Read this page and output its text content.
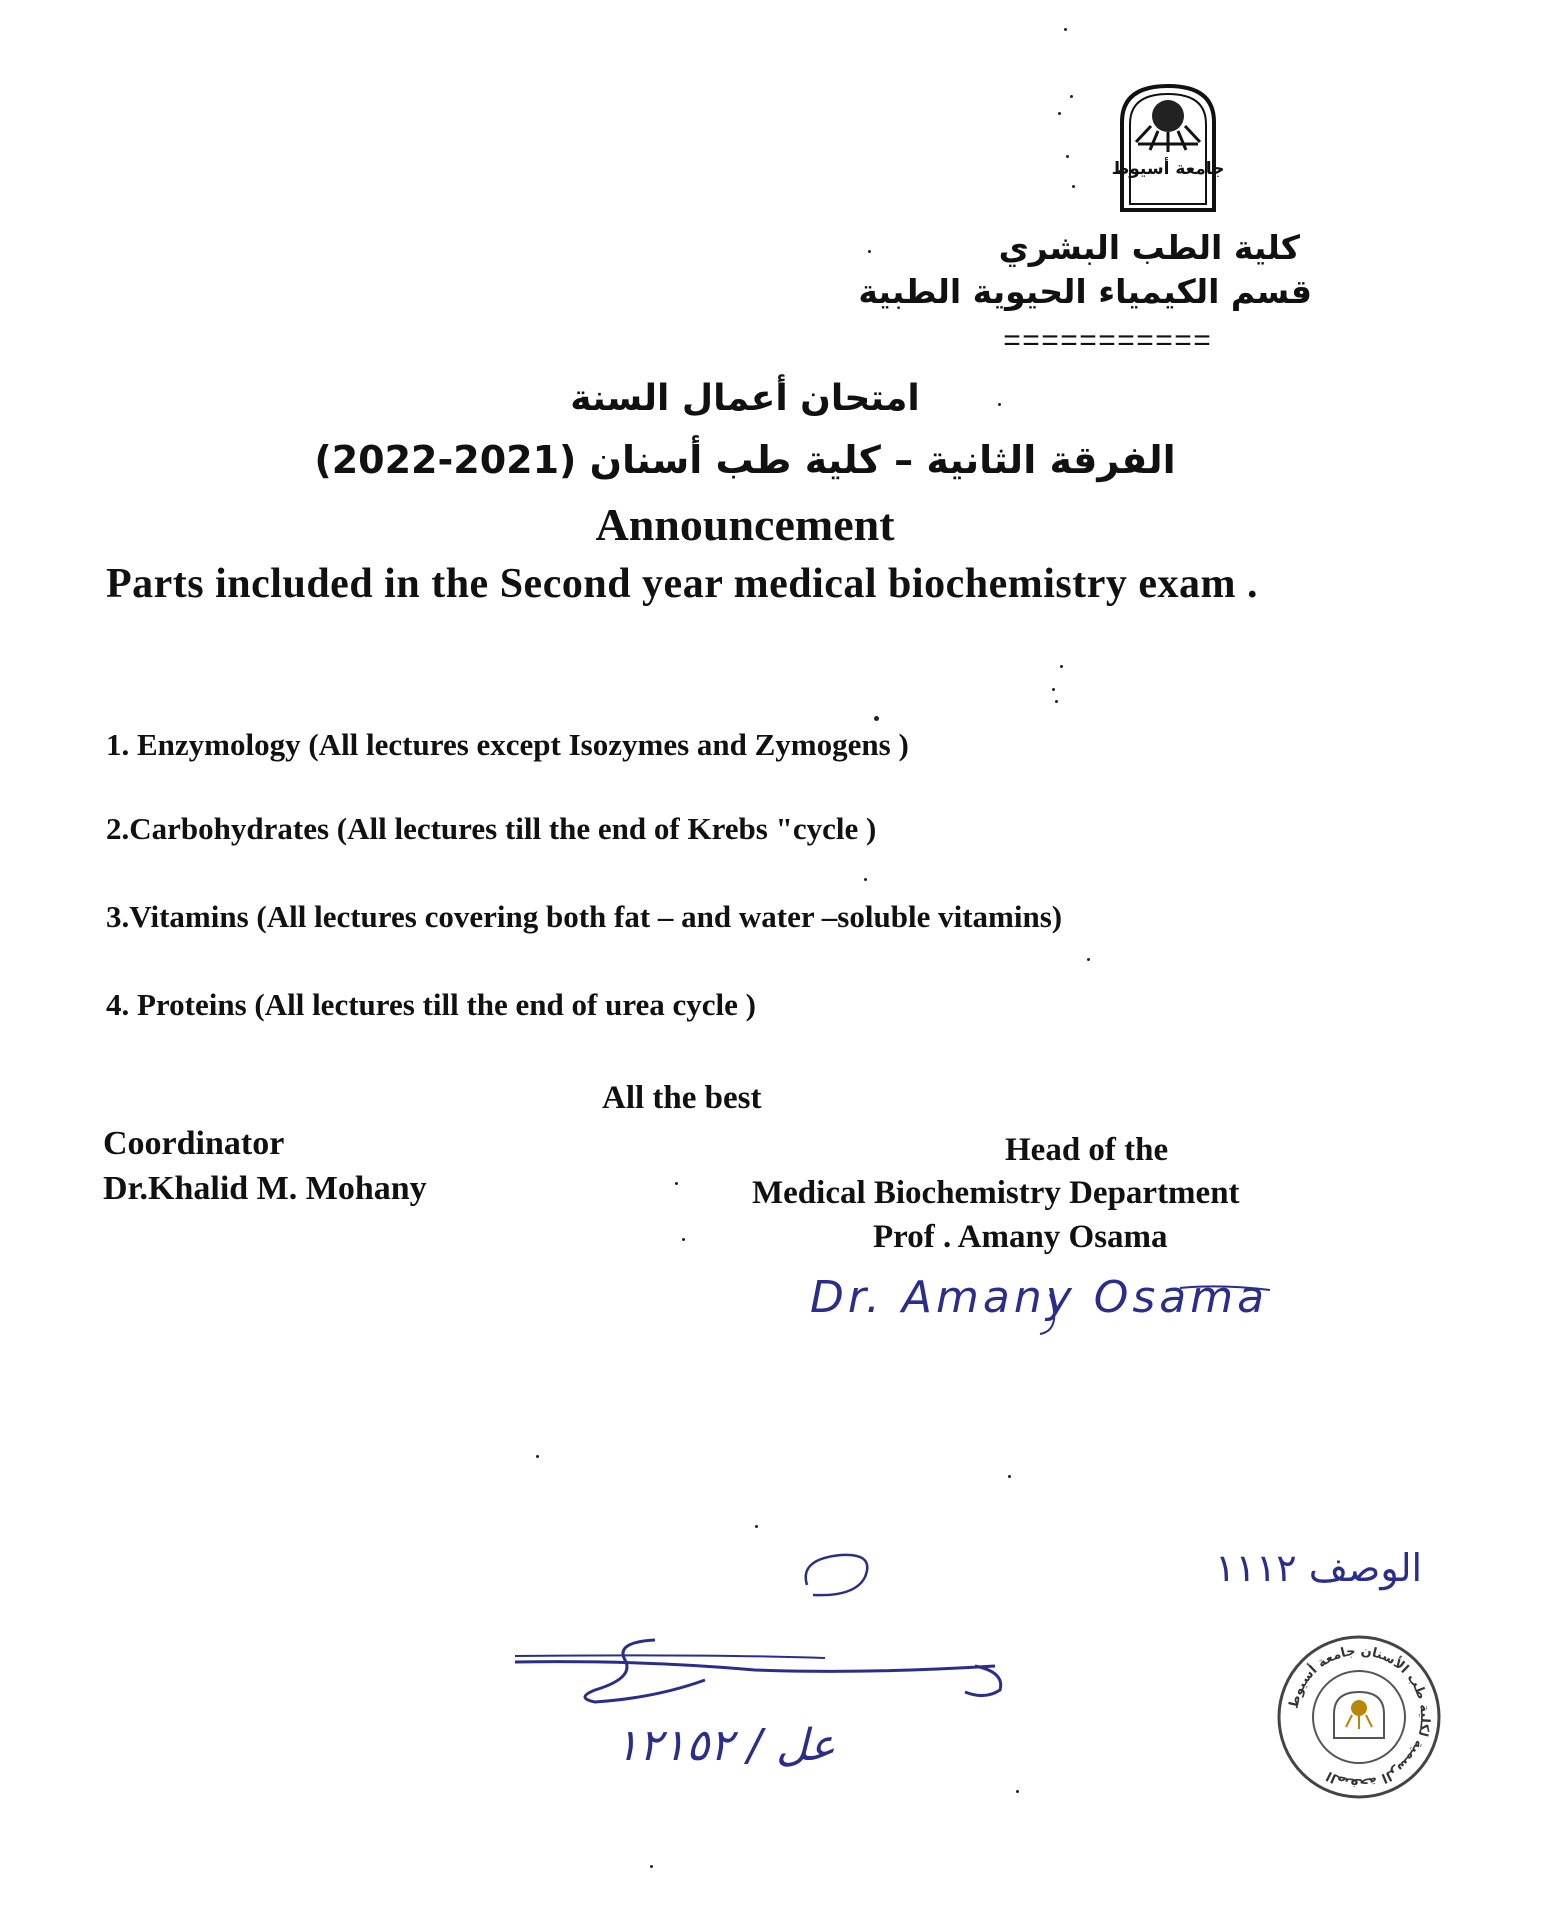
جامعة أسيوط
كلية الطب البشري
قسم الكيمياء الحيوية الطبية
===========
امتحان أعمال السنة
الفرقة الثانية – كلية طب أسنان (2021-2022)
Announcement
Parts included in the Second year medical biochemistry exam .
1. Enzymology (All lectures except Isozymes and Zymogens )
2.Carbohydrates (All lectures till the end of Krebs "cycle )
3.Vitamins (All lectures covering both fat – and water –soluble vitamins)
4. Proteins (All lectures till the end of urea cycle )
All the best
Coordinator
Dr.Khalid M. Mohany
Head of the
Medical Biochemistry Department
Prof . Amany Osama
Dr. Amany Osama
الوصف ١١١٢
عل / ١٢١٥٢
الصفحة الرسمية لكلية طب الأسنان جامعة أسيوط
